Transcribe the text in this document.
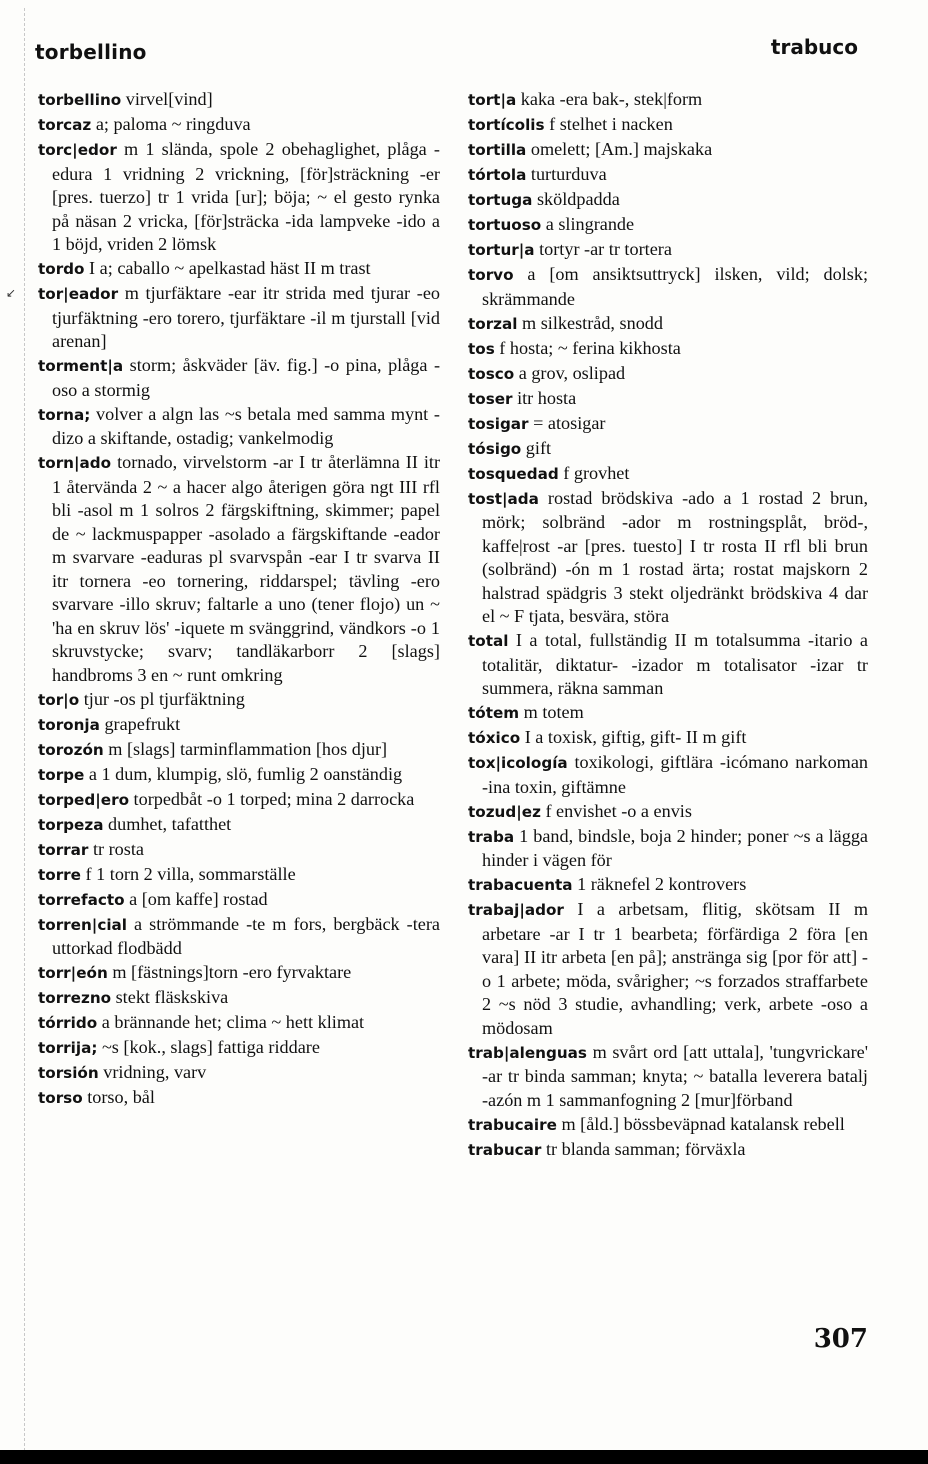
↙
torbellino	trabuco
torbellino virvel[vind]
torcaz a; paloma ~ ringduva
torc|edor m 1 slända, spole 2 obehaglighet, plåga -edura 1 vridning 2 vrickning, [för]sträckning -er [pres. tuerzo] tr 1 vrida [ur]; böja; ~ el gesto rynka på näsan 2 vricka, [för]sträcka -ida lampveke -ido a 1 böjd, vriden 2 lömsk
tordo I a; caballo ~ apelkastad häst II m trast
tor|eador m tjurfäktare -ear itr strida med tjurar -eo tjurfäktning -ero torero, tjurfäktare -il m tjurstall [vid arenan]
torment|a storm; åskväder [äv. fig.] -o pina, plåga -oso a stormig
torna; volver a algn las ~s betala med samma mynt -dizo a skiftande, ostadig; vankelmodig
torn|ado tornado, virvelstorm -ar I tr återlämna II itr 1 återvända 2 ~ a hacer algo återigen göra ngt III rfl bli -asol m 1 solros 2 färgskiftning, skimmer; papel de ~ lackmuspapper -asolado a färgskiftande -eador m svarvare -eaduras pl svarvspån -ear I tr svarva II itr tornera -eo tornering, riddarspel; tävling -ero svarvare -illo skruv; faltarle a uno (tener flojo) un ~ 'ha en skruv lös' -iquete m svänggrind, vändkors -o 1 skruvstycke; svarv; tandläkarborr 2 [slags] handbroms 3 en ~ runt omkring
tor|o tjur -os pl tjurfäktning
toronja grapefrukt
torozón m [slags] tarminflammation [hos djur]
torpe a 1 dum, klumpig, slö, fumlig 2 oanständig
torped|ero torpedbåt -o 1 torped; mina 2 darrocka
torpeza dumhet, tafatthet
torrar tr rosta
torre f 1 torn 2 villa, sommarställe
torrefacto a [om kaffe] rostad
torren|cial a strömmande -te m fors, bergbäck -tera uttorkad flodbädd
torr|eón m [fästnings]torn -ero fyrvaktare
torrezno stekt fläskskiva
tórrido a brännande het; clima ~ hett klimat
torrija; ~s [kok., slags] fattiga riddare
torsión vridning, varv
torso torso, bål
tort|a kaka -era bak-, stek|form
tortícolis f stelhet i nacken
tortilla omelett; [Am.] majskaka
tórtola turturduva
tortuga sköldpadda
tortuoso a slingrande
tortur|a tortyr -ar tr tortera
torvo a [om ansiktsuttryck] ilsken, vild; dolsk; skrämmande
torzal m silkestråd, snodd
tos f hosta; ~ ferina kikhosta
tosco a grov, oslipad
toser itr hosta
tosigar = atosigar
tósigo gift
tosquedad f grovhet
tost|ada rostad brödskiva -ado a 1 rostad 2 brun, mörk; solbränd -ador m rostningsplåt, bröd-, kaffe|rost -ar [pres. tuesto] I tr rosta II rfl bli brun (solbränd) -ón m 1 rostad ärta; rostat majskorn 2 halstrad spädgris 3 stekt oljedränkt brödskiva 4 dar el ~ F tjata, besvära, störa
total I a total, fullständig II m totalsumma -itario a totalitär, diktatur- -izador m totalisator -izar tr summera, räkna samman
tótem m totem
tóxico I a toxisk, giftig, gift- II m gift
tox|icología toxikologi, giftlära -icómano narkoman -ina toxin, giftämne
tozud|ez f envishet -o a envis
traba 1 band, bindsle, boja 2 hinder; poner ~s a lägga hinder i vägen för
trabacuenta 1 räknefel 2 kontrovers
trabaj|ador I a arbetsam, flitig, skötsam II m arbetare -ar I tr 1 bearbeta; förfärdiga 2 föra [en vara] II itr arbeta [en på]; anstränga sig [por för att] -o 1 arbete; möda, svårigher; ~s forzados straffarbete 2 ~s nöd 3 studie, avhandling; verk, arbete -oso a mödosam
trab|alenguas m svårt ord [att uttala], 'tungvrickare' -ar tr binda samman; knyta; ~ batalla leverera batalj -azón m 1 sammanfogning 2 [mur]förband
trabucaire m [åld.] bössbeväpnad katalansk rebell
trabucar tr blanda samman; förväxla
307
